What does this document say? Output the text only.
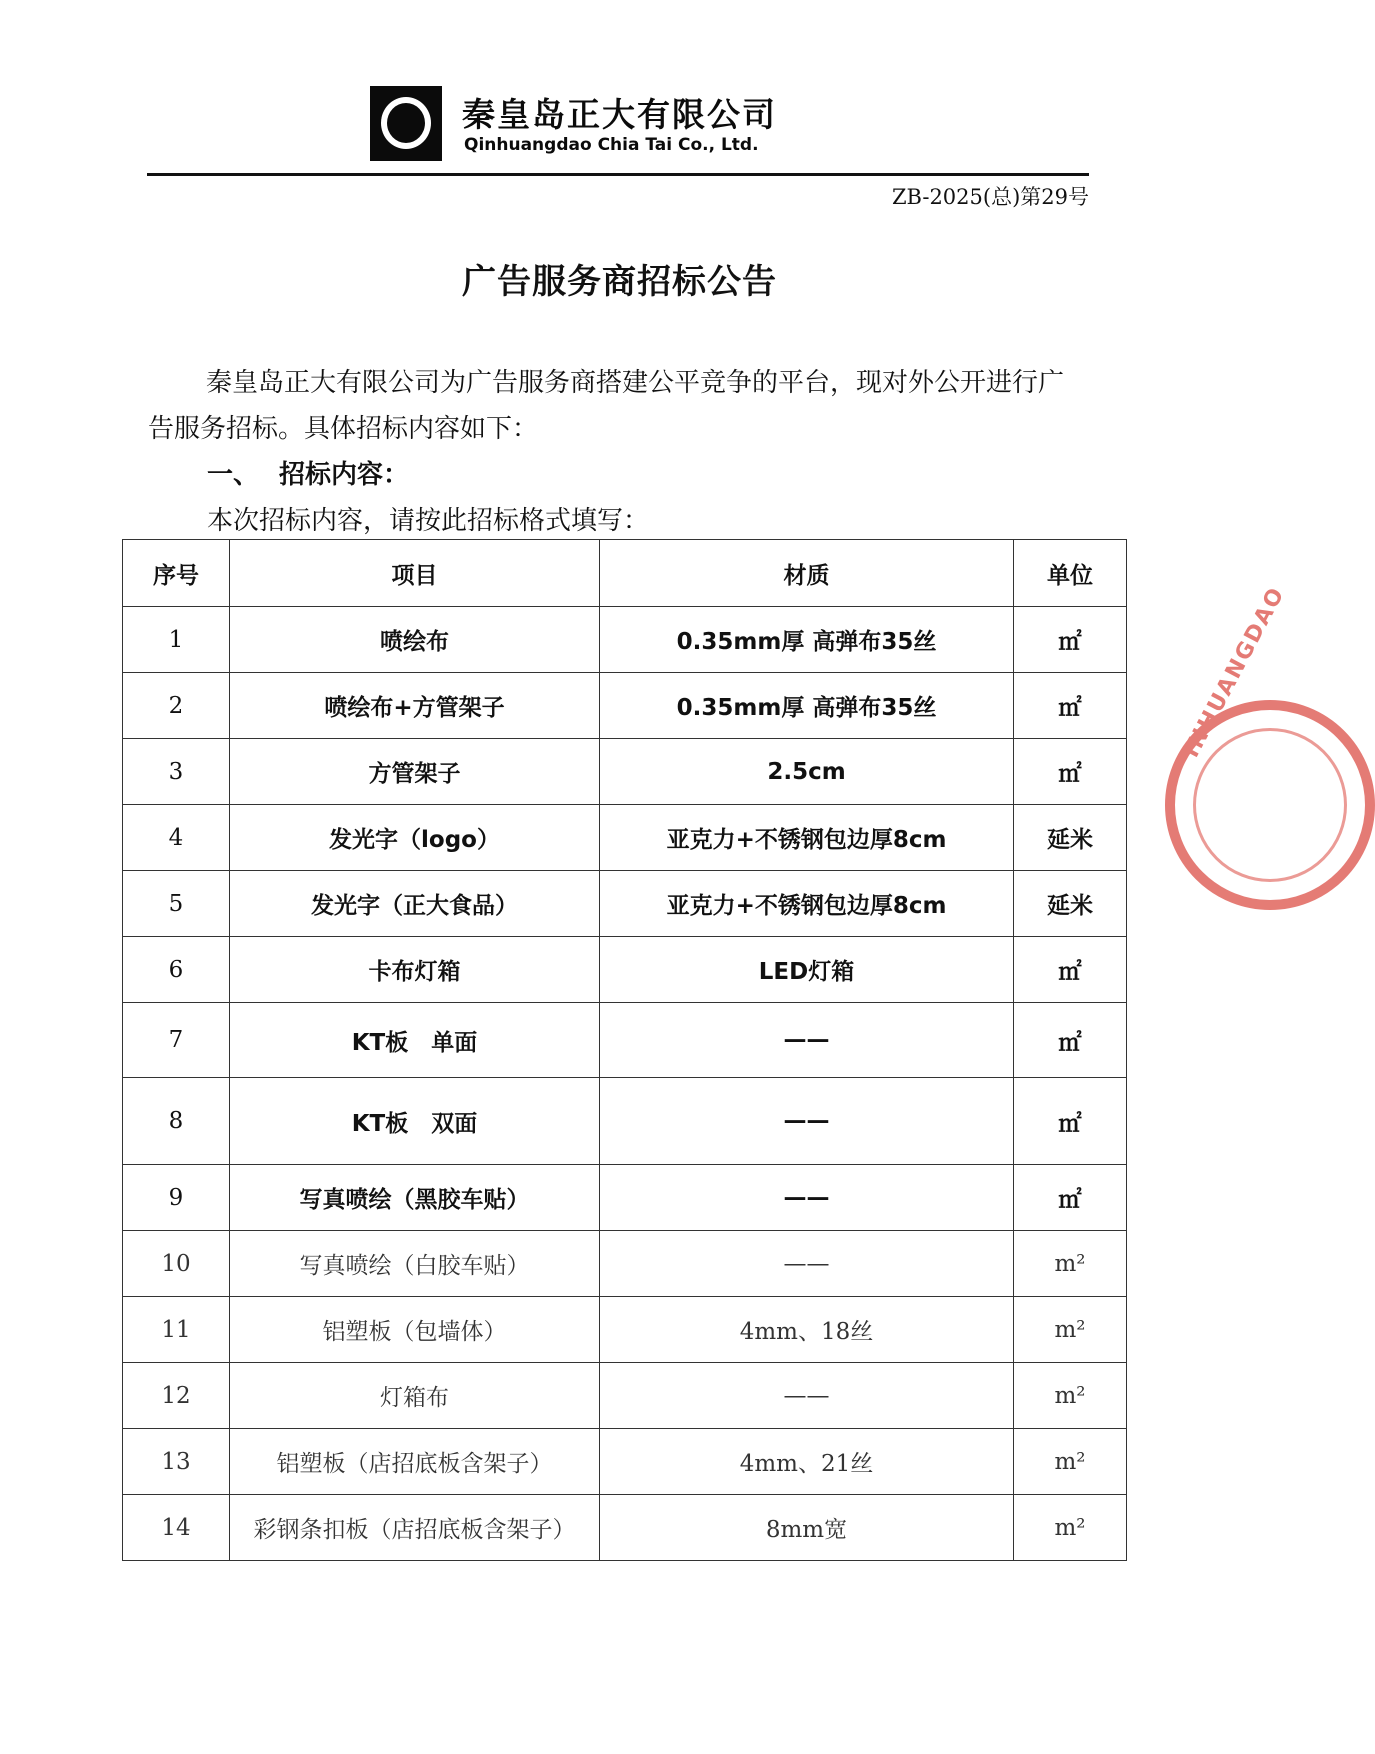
秦皇岛正大有限公司
Qinhuangdao Chia Tai Co., Ltd.
ZB-2025(总)第29号
广告服务商招标公告
秦皇岛正大有限公司为广告服务商搭建公平竞争的平台，现对外公开进行广告服务招标。具体招标内容如下：
一、 招标内容：
本次招标内容，请按此招标格式填写：
序号	项目	材质	单位
1	喷绘布	0.35mm厚 高弹布35丝	㎡
2	喷绘布+方管架子	0.35mm厚 高弹布35丝	㎡
3	方管架子	2.5cm	㎡
4	发光字（logo）	亚克力+不锈钢包边厚8cm	延米
5	发光字（正大食品）	亚克力+不锈钢包边厚8cm	延米
6	卡布灯箱	LED灯箱	㎡
7	KT板　单面	——	㎡
8	KT板　双面	——	㎡
9	写真喷绘（黑胶车贴）	——	㎡
10	写真喷绘（白胶车贴）	——	m²
11	铝塑板（包墙体）	4mm、18丝	m²
12	灯箱布	——	m²
13	铝塑板（店招底板含架子）	4mm、21丝	m²
14	彩钢条扣板（店招底板含架子）	8mm宽	m²
INHUANGDAO
